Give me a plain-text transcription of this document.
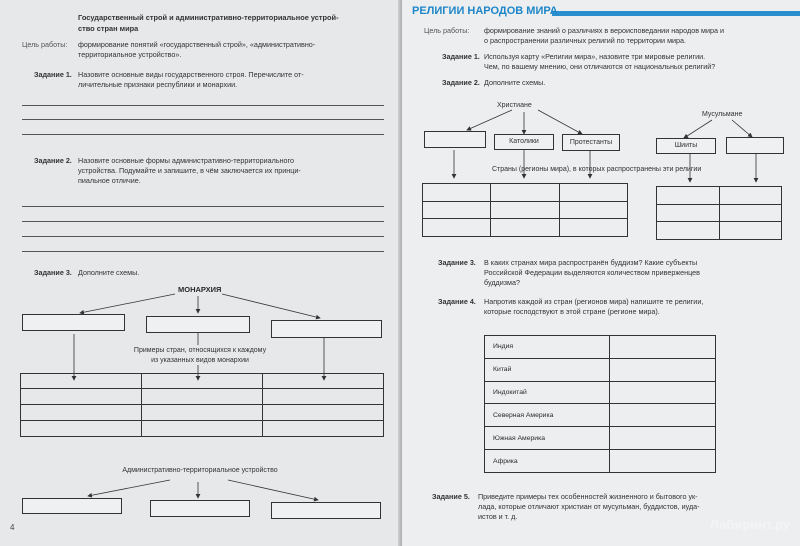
Государственный строй и административно-территориальное устрой-
ство стран мира
Цель работы: формирование понятий «государственный строй», «административно-
территориальное устройство».
Задание 1. Назовите основные виды государственного строя. Перечислите от-
личительные признаки республики и монархии.
Задание 2. Назовите основные формы административно-территориального
устройства. Подумайте и запишите, в чём заключается их принци-
пиальное отличие.
Задание 3. Дополните схемы.
МОНАРХИЯ
Примеры стран, относящихся к каждому
из указанных видов монархии

Административно-территориальное устройство
4
РЕЛИГИИ НАРОДОВ МИРА
Цель работы: формирование знаний о различиях в вероисповедании народов мира и
о распространении различных религий по территории мира.
Задание 1. Используя карту «Религии мира», назовите три мировые религии.
Чем, по вашему мнению, они отличаются от национальных религий?
Задание 2. Дополните схемы.
Христиане
Мусульмане
Католики	Протестанты	Шииты
Страны (регионы мира), в которых распространены эти религии

Задание 3. В каких странах мира распространён буддизм? Какие субъекты
Российской Федерации выделяются количеством приверженцев
буддизма?
Задание 4. Напротив каждой из стран (регионов мира) напишите те религии,
которые господствуют в этой стране (регионе мира).
Индия	
Китай	
Индокитай	
Северная Америка	
Южная Америка	
Африка	
Задание 5. Приведите примеры тех особенностей жизненного и бытового ук-
лада, которые отличают христиан от мусульман, буддистов, иуда-
истов и т. д.
Лабиринт.ру
